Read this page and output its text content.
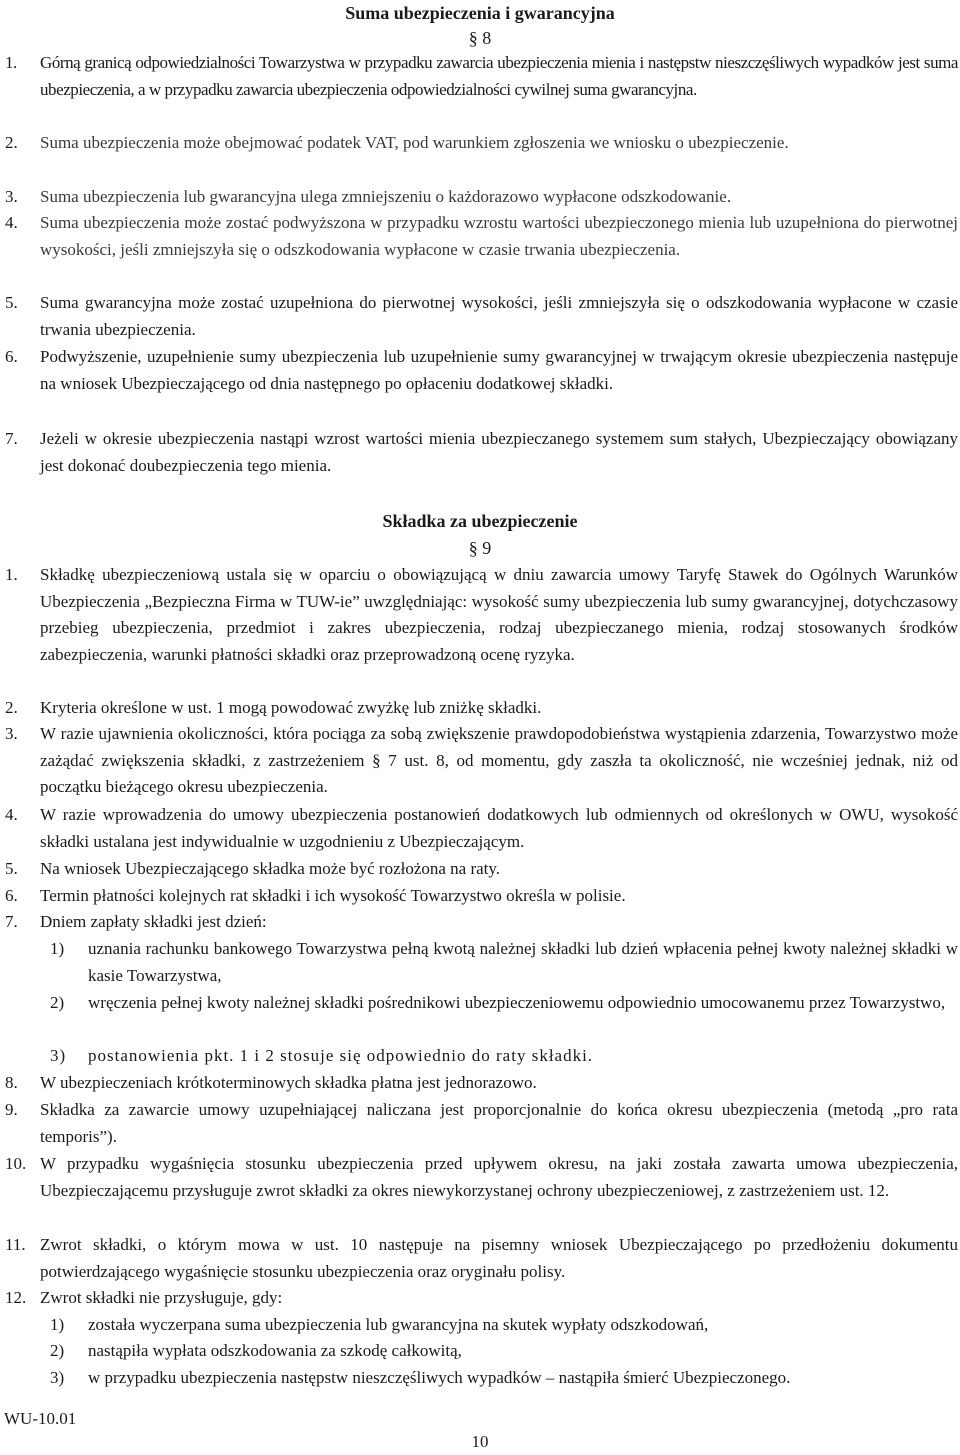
Suma ubezpieczenia i gwarancyjna
§ 8
1. Górną granicą odpowiedzialności Towarzystwa w przypadku zawarcia ubezpieczenia mienia i następstw nieszczęśliwych wypadków jest suma ubezpieczenia, a w przypadku zawarcia ubezpieczenia odpowiedzialności cywilnej suma gwarancyjna.
2. Suma ubezpieczenia może obejmować podatek VAT, pod warunkiem zgłoszenia we wniosku o ubezpieczenie.
3. Suma ubezpieczenia lub gwarancyjna ulega zmniejszeniu o każdorazowo wypłacone odszkodowanie.
4. Suma ubezpieczenia może zostać podwyższona w przypadku wzrostu wartości ubezpieczonego mienia lub uzupełniona do pierwotnej wysokości, jeśli zmniejszyła się o odszkodowania wypłacone w czasie trwania ubezpieczenia.
5. Suma gwarancyjna może zostać uzupełniona do pierwotnej wysokości, jeśli zmniejszyła się o odszkodowania wypłacone w czasie trwania ubezpieczenia.
6. Podwyższenie, uzupełnienie sumy ubezpieczenia lub uzupełnienie sumy gwarancyjnej w trwającym okresie ubezpieczenia następuje na wniosek Ubezpieczającego od dnia następnego po opłaceniu dodatkowej składki.
7. Jeżeli w okresie ubezpieczenia nastąpi wzrost wartości mienia ubezpieczanego systemem sum stałych, Ubezpieczający obowiązany jest dokonać doubezpieczenia tego mienia.
Składka za ubezpieczenie
§ 9
1. Składkę ubezpieczeniową ustala się w oparciu o obowiązującą w dniu zawarcia umowy Taryfę Stawek do Ogólnych Warunków Ubezpieczenia „Bezpieczna Firma w TUW-ie” uwzględniając: wysokość sumy ubezpieczenia lub sumy gwarancyjnej, dotychczasowy przebieg ubezpieczenia, przedmiot i zakres ubezpieczenia, rodzaj ubezpieczanego mienia, rodzaj stosowanych środków zabezpieczenia, warunki płatności składki oraz przeprowadzoną ocenę ryzyka.
2. Kryteria określone w ust. 1 mogą powodować zwyżkę lub zniżkę składki.
3. W razie ujawnienia okoliczności, która pociąga za sobą zwiększenie prawdopodobieństwa wystąpienia zdarzenia, Towarzystwo może zażądać zwiększenia składki, z zastrzeżeniem § 7 ust. 8, od momentu, gdy zaszła ta okoliczność, nie wcześniej jednak, niż od początku bieżącego okresu ubezpieczenia.
4. W razie wprowadzenia do umowy ubezpieczenia postanowień dodatkowych lub odmiennych od określonych w OWU, wysokość składki ustalana jest indywidualnie w uzgodnieniu z Ubezpieczającym.
5. Na wniosek Ubezpieczającego składka może być rozłożona na raty.
6. Termin płatności kolejnych rat składki i ich wysokość Towarzystwo określa w polisie.
7. Dniem zapłaty składki jest dzień:
1) uznania rachunku bankowego Towarzystwa pełną kwotą należnej składki lub dzień wpłacenia pełnej kwoty należnej składki w kasie Towarzystwa,
2) wręczenia pełnej kwoty należnej składki pośrednikowi ubezpieczeniowemu odpowiednio umocowanemu przez Towarzystwo,
3) postanowienia pkt. 1 i 2 stosuje się odpowiednio do raty składki.
8. W ubezpieczeniach krótkoterminowych składka płatna jest jednorazowo.
9. Składka za zawarcie umowy uzupełniającej naliczana jest proporcjonalnie do końca okresu ubezpieczenia (metodą „pro rata temporis”).
10. W przypadku wygaśnięcia stosunku ubezpieczenia przed upływem okresu, na jaki została zawarta umowa ubezpieczenia, Ubezpieczającemu przysługuje zwrot składki za okres niewykorzystanej ochrony ubezpieczeniowej, z zastrzeżeniem ust. 12.
11. Zwrot składki, o którym mowa w ust. 10 następuje na pisemny wniosek Ubezpieczającego po przedłożeniu dokumentu potwierdzającego wygaśnięcie stosunku ubezpieczenia oraz oryginału polisy.
12. Zwrot składki nie przysługuje, gdy:
1) została wyczerpana suma ubezpieczenia lub gwarancyjna na skutek wypłaty odszkodowań,
2) nastąpiła wypłata odszkodowania za szkodę całkowitą,
3) w przypadku ubezpieczenia następstw nieszczęśliwych wypadków – nastąpiła śmierć Ubezpieczonego.
WU-10.01
10
